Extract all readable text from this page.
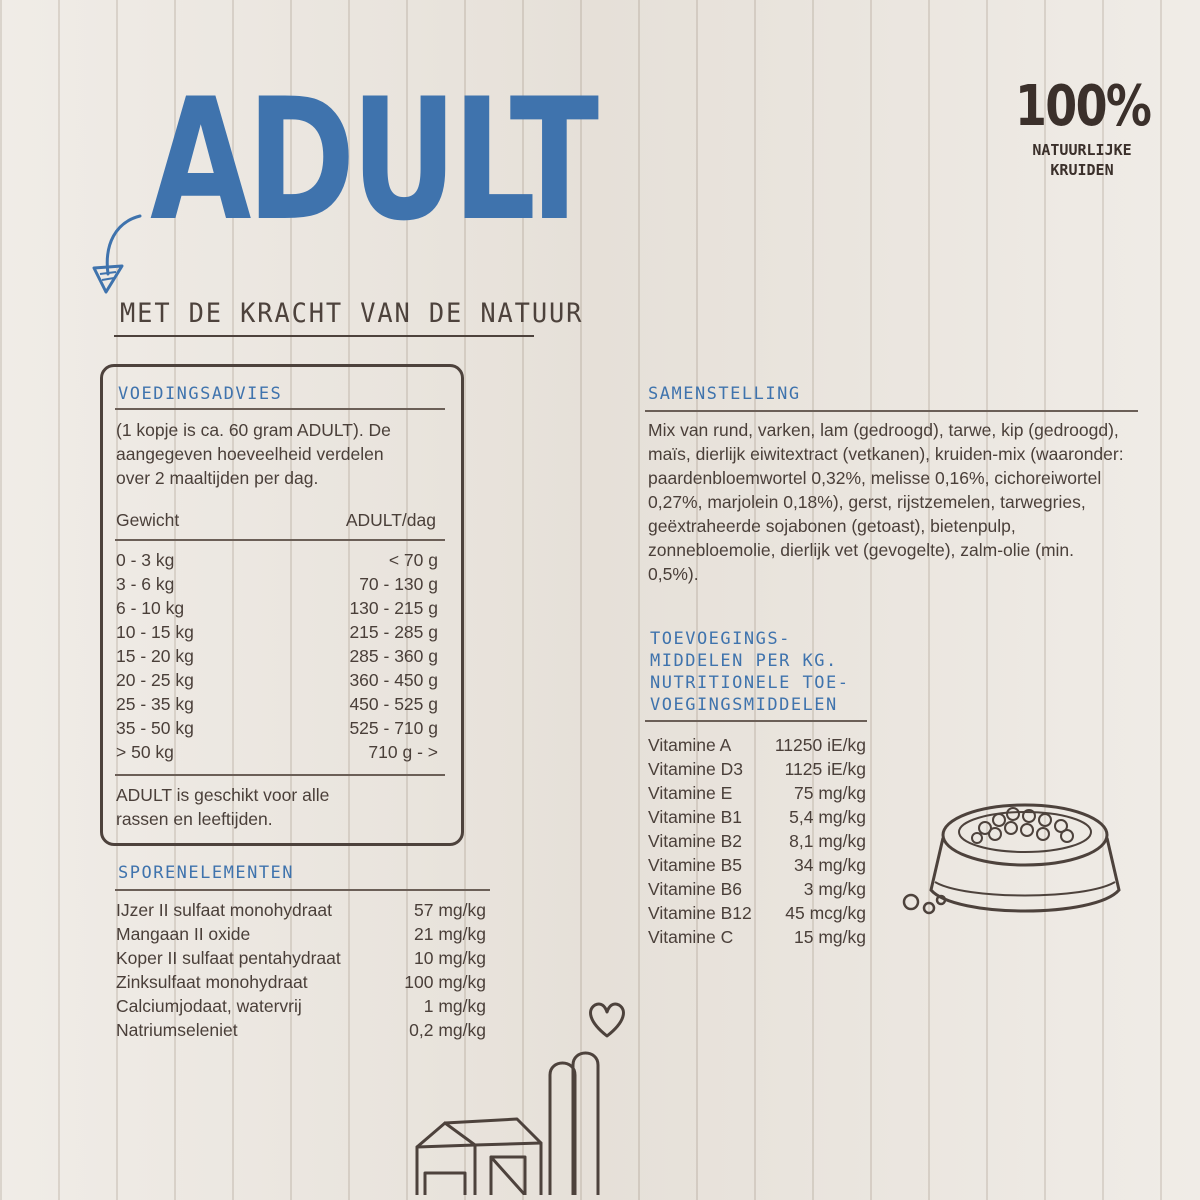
ADULT
MET DE KRACHT VAN DE NATUUR
100%
NATUURLIJKE
KRUIDEN
VOEDINGSADVIES
(1 kopje is ca. 60 gram ADULT). De aangegeven hoeveelheid verdelen over 2 maaltijden per dag.
Gewicht	ADULT/dag
0 - 3 kg	< 70 g
3 - 6 kg	70 - 130 g
6 - 10 kg	130 - 215 g
10 - 15 kg	215 - 285 g
15 - 20 kg	285 - 360 g
20 - 25 kg	360 - 450 g
25 - 35 kg	450 - 525 g
35 - 50 kg	525 - 710 g
> 50 kg	710 g - >
ADULT is geschikt voor alle rassen en leeftijden.
SPORENELEMENTEN
IJzer II sulfaat monohydraat	57 mg/kg
Mangaan II oxide	21 mg/kg
Koper II sulfaat pentahydraat	10 mg/kg
Zinksulfaat monohydraat	100 mg/kg
Calciumjodaat, watervrij	1 mg/kg
Natriumseleniet	0,2 mg/kg
SAMENSTELLING
Mix van rund, varken, lam (gedroogd), tarwe, kip (gedroogd), maïs, dierlijk eiwitextract (vetkanen), kruiden-mix (waaronder: paardenbloemwortel 0,32%, melisse 0,16%, cichoreiwortel 0,27%, marjolein 0,18%), gerst, rijstzemelen, tarwegries, geëxtraheerde sojabonen (getoast), bietenpulp, zonnebloemolie, dierlijk vet (gevogelte), zalm-olie (min. 0,5%).
TOEVOEGINGS-
MIDDELEN PER KG.
NUTRITIONELE TOE-
VOEGINGSMIDDELEN
Vitamine A	11250 iE/kg
Vitamine D3	1125 iE/kg
Vitamine E	75 mg/kg
Vitamine B1	5,4 mg/kg
Vitamine B2	8,1 mg/kg
Vitamine B5	34 mg/kg
Vitamine B6	3 mg/kg
Vitamine B12	45 mcg/kg
Vitamine C	15 mg/kg
